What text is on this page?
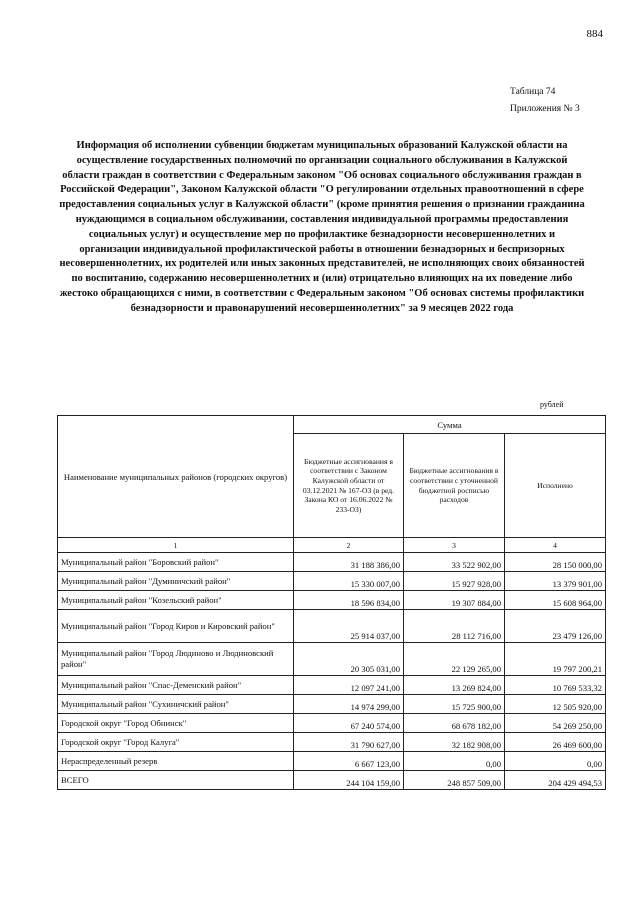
884
Таблица 74
Приложения № 3
Информация об исполнении субвенции бюджетам муниципальных образований Калужской области на осуществление государственных полномочий по организации социального обслуживания в Калужской области граждан в соответствии с Федеральным законом "Об основах социального обслуживания граждан в Российской Федерации", Законом Калужской области "О регулировании отдельных правоотношений в сфере предоставления социальных услуг в Калужской области" (кроме принятия решения о признании гражданина нуждающимся в социальном обслуживании, составления индивидуальной программы предоставления социальных услуг) и осуществление мер по профилактике безнадзорности несовершеннолетних и организации индивидуальной профилактической работы в отношении безнадзорных и беспризорных несовершеннолетних, их родителей или иных законных представителей, не исполняющих своих обязанностей по воспитанию, содержанию несовершеннолетних и (или) отрицательно влияющих на их поведение либо жестоко обращающихся с ними, в соответствии с Федеральным законом "Об основах системы профилактики безнадзорности и правонарушений несовершеннолетних" за 9 месяцев 2022 года
рублей
Наименование муниципальных районов (городских округов)	Сумма		
	Бюджетные ассигнования в соответствии с Законом Калужской области от 03.12.2021 № 167-ОЗ (в ред. Закона КО от 16.06.2022 № 233-ОЗ)	Бюджетные ассигнования в соответствии с уточненной бюджетной росписью расходов	Исполнено
1	2	3	4
Муниципальный район "Боровский район"	31 188 386,00	33 522 902,00	28 150 000,00
Муниципальный район "Думиничский район"	15 330 007,00	15 927 928,00	13 379 901,00
Муниципальный район "Козельский район"	18 596 834,00	19 307 884,00	15 608 964,00
Муниципальный район "Город Киров и Кировский район"	25 914 037,00	28 112 716,00	23 479 126,00
Муниципальный район "Город Людиново и Людиновский район"	20 305 031,00	22 129 265,00	19 797 200,21
Муниципальный район "Спас-Деменский район"	12 097 241,00	13 269 824,00	10 769 533,32
Муниципальный район "Сухиничский район"	14 974 299,00	15 725 900,00	12 505 920,00
Городской округ "Город Обнинск"	67 240 574,00	68 678 182,00	54 269 250,00
Городской округ "Город Калуга"	31 790 627,00	32 182 908,00	26 469 600,00
Нераспределенный резерв	6 667 123,00	0,00	0,00
ВСЕГО	244 104 159,00	248 857 509,00	204 429 494,53
